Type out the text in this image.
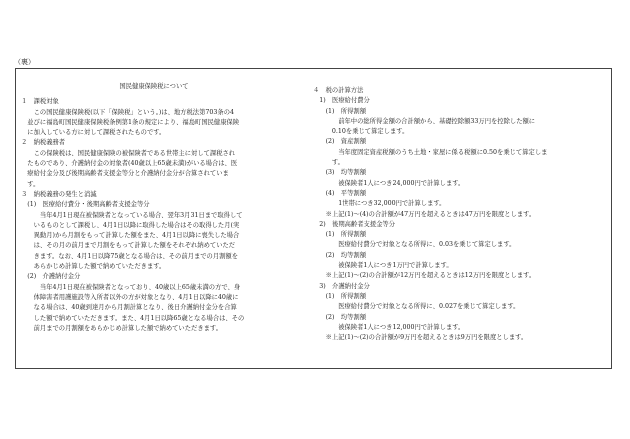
（裏）

国民健康保険税について

１　課税対象

　　この国民健康保険税(以下「保険税」という。)は、地方税法第703条の4

　並びに福島町国民健康保険税条例第1条の規定により、福島町国民健康保険

　に加入している方に対して課税されたものです。

２　納税義務者

　　この保険税は、国民健康保険の被保険者である世帯主に対して課税され

　たものであり、介護納付金の対象者(40歳以上65歳未満)がいる場合は、医

　療給付金分及び後期高齢者支援金等分と介護納付金分が合算されていま

　す。

３　納税義務の発生と消滅

　(1)　医療給付費分・後期高齢者支援金等分

　　　当年4月1日現在被保険者となっている場合、翌年3月31日まで取得して

　　いるものとして課税し、4月1日以降に取得した場合はその取得した月(実

　　異動月)から月割をもって計算した額をまた、4月1日以降に喪失した場合

　　は、その月の前月まで月割をもって計算した額をそれぞれ納めていただ

　　きます。なお、4月1日以降75歳となる場合は、その前月までの月割額を

　　あらかじめ計算した額で納めていただきます。

　(2)　介護納付金分

　　　当年4月1日現在被保険者となっており、40歳以上65歳未満の方で、身

　　体障害者用護施設等入所者以外の方が対象となり、4月1日以降に40歳に

　　なる場合は、40歳到達月から月割計算となり、後日介護納付金分を合算

　　した額で納めていただきます。また、4月1日以降65歳となる場合は、その

　　前月までの月割額をあらかじめ計算した額で納めていただきます。

４　税の計算方法

　1)　医療給付費分

　　(1)　所得割額

　　　　前年中の総所得金額の合計額から、基礎控除額33万円を控除した額に

　　　0.10を乗じて算定します。

　　(2)　資産割額

　　　　当年度固定資産税額のうち土地・家屋に係る税額に0.50を乗じて算定しま

　　　す。

　　(3)　均等割額

　　　　被保険者1人につき24,000円で計算します。

　　(4)　平等割額

　　　　1世帯につき32,000円で計算します。

　　※上記(1)～(4)の合計額が47万円を超えるときは47万円を限度とします。

　2)　後期高齢者支援金等分

　　(1)　所得割額

　　　　医療給付費分で対象となる所得に、0.03を乗じて算定します。

　　(2)　均等割額

　　　　被保険者1人につき1万円で計算します。

　　※上記(1)～(2)の合計額が12万円を超えるときは12万円を限度とします。

　3)　介護納付金分

　　(1)　所得割額

　　　　医療給付費分で対象となる所得に、0.027を乗じて算定します。

　　(2)　均等割額

　　　　被保険者1人につき12,000円で計算します。

　　※上記(1)～(2)の合計額が9万円を超えるときは9万円を限度とします。
